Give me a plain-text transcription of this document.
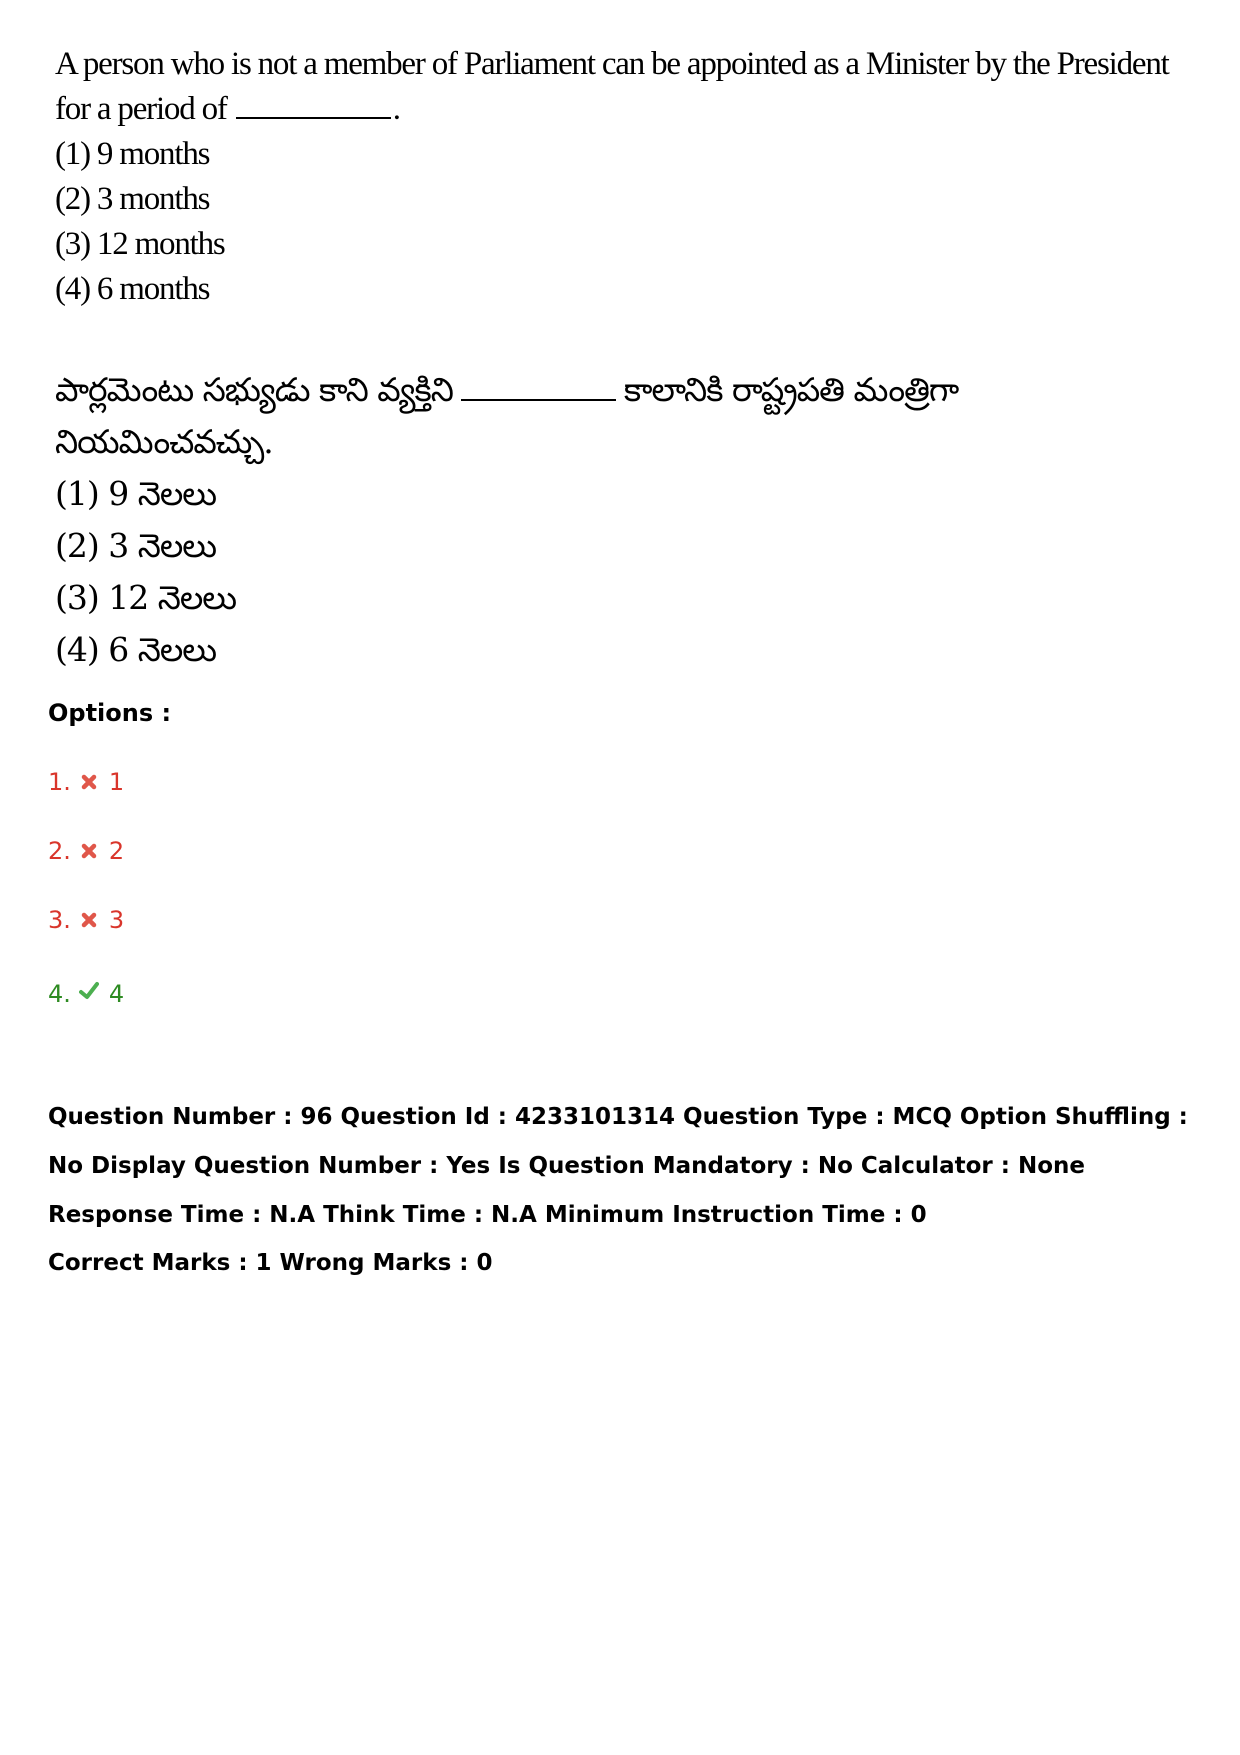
A person who is not a member of Parliament can be appointed as a Minister by the President
for a period of	.
(1) 9 months
(2) 3 months
(3) 12 months
(4) 6 months
పార్లమెంటు సభ్యుడు కాని వ్యక్తిని	కాలానికి రాష్ట్రపతి మంత్రిగా
నియమించవచ్చు.
(1) 9 నెలలు
(2) 3 నెలలు
(3) 12 నెలలు
(4) 6 నెలలు
Options :
1. 1
2. 2
3. 3
4. 4
Question Number : 96 Question Id : 4233101314 Question Type : MCQ Option Shuffling : No Display Question Number : Yes Is Question Mandatory : No Calculator : None Response Time : N.A Think Time : N.A Minimum Instruction Time : 0
Correct Marks : 1 Wrong Marks : 0
